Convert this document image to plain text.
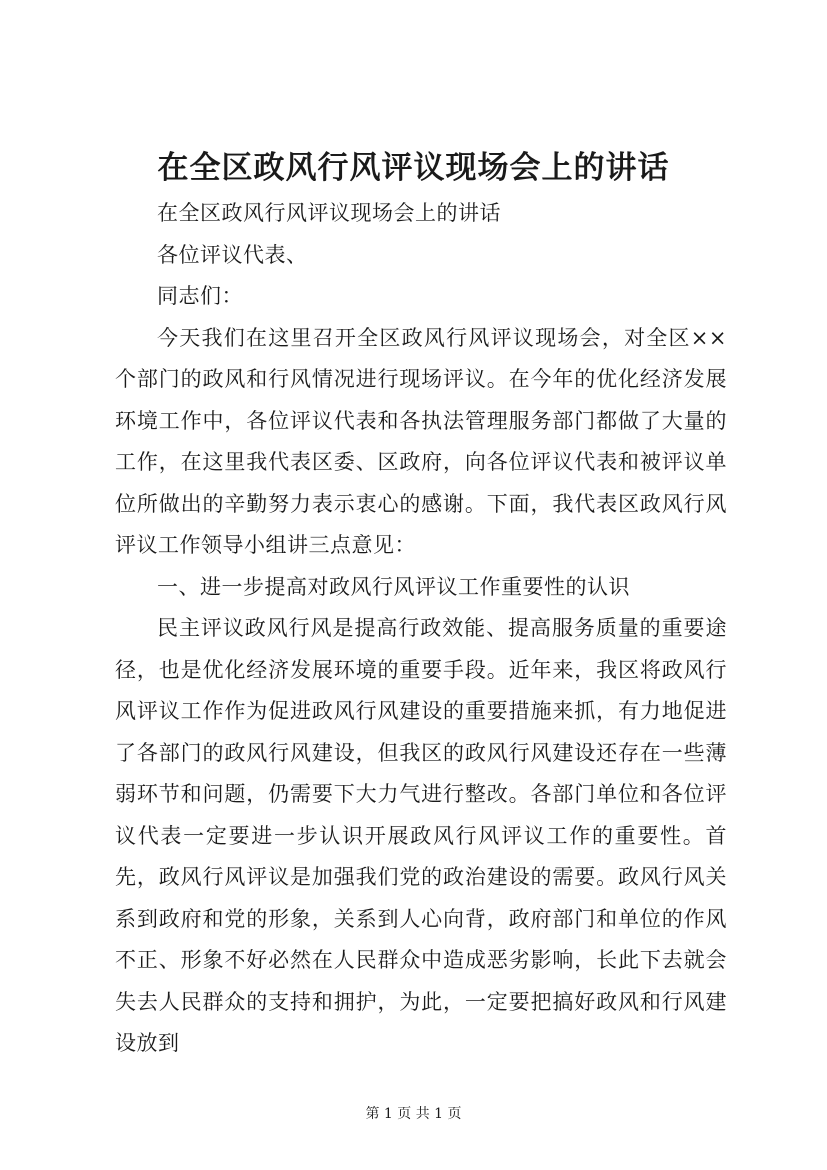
在全区政风行风评议现场会上的讲话

在全区政风行风评议现场会上的讲话

各位评议代表、

同志们：

今天我们在这里召开全区政风行风评议现场会，对全区××个部门的政风和行风情况进行现场评议。在今年的优化经济发展环境工作中，各位评议代表和各执法管理服务部门都做了大量的工作，在这里我代表区委、区政府，向各位评议代表和被评议单位所做出的辛勤努力表示衷心的感谢。下面，我代表区政风行风评议工作领导小组讲三点意见：

一、进一步提高对政风行风评议工作重要性的认识

民主评议政风行风是提高行政效能、提高服务质量的重要途径，也是优化经济发展环境的重要手段。近年来，我区将政风行风评议工作作为促进政风行风建设的重要措施来抓，有力地促进了各部门的政风行风建设，但我区的政风行风建设还存在一些薄弱环节和问题，仍需要下大力气进行整改。各部门单位和各位评议代表一定要进一步认识开展政风行风评议工作的重要性。首先，政风行风评议是加强我们党的政治建设的需要。政风行风关系到政府和党的形象，关系到人心向背，政府部门和单位的作风不正、形象不好必然在人民群众中造成恶劣影响，长此下去就会失去人民群众的支持和拥护，为此，一定要把搞好政风和行风建设放到

第 1 页 共 1 页
